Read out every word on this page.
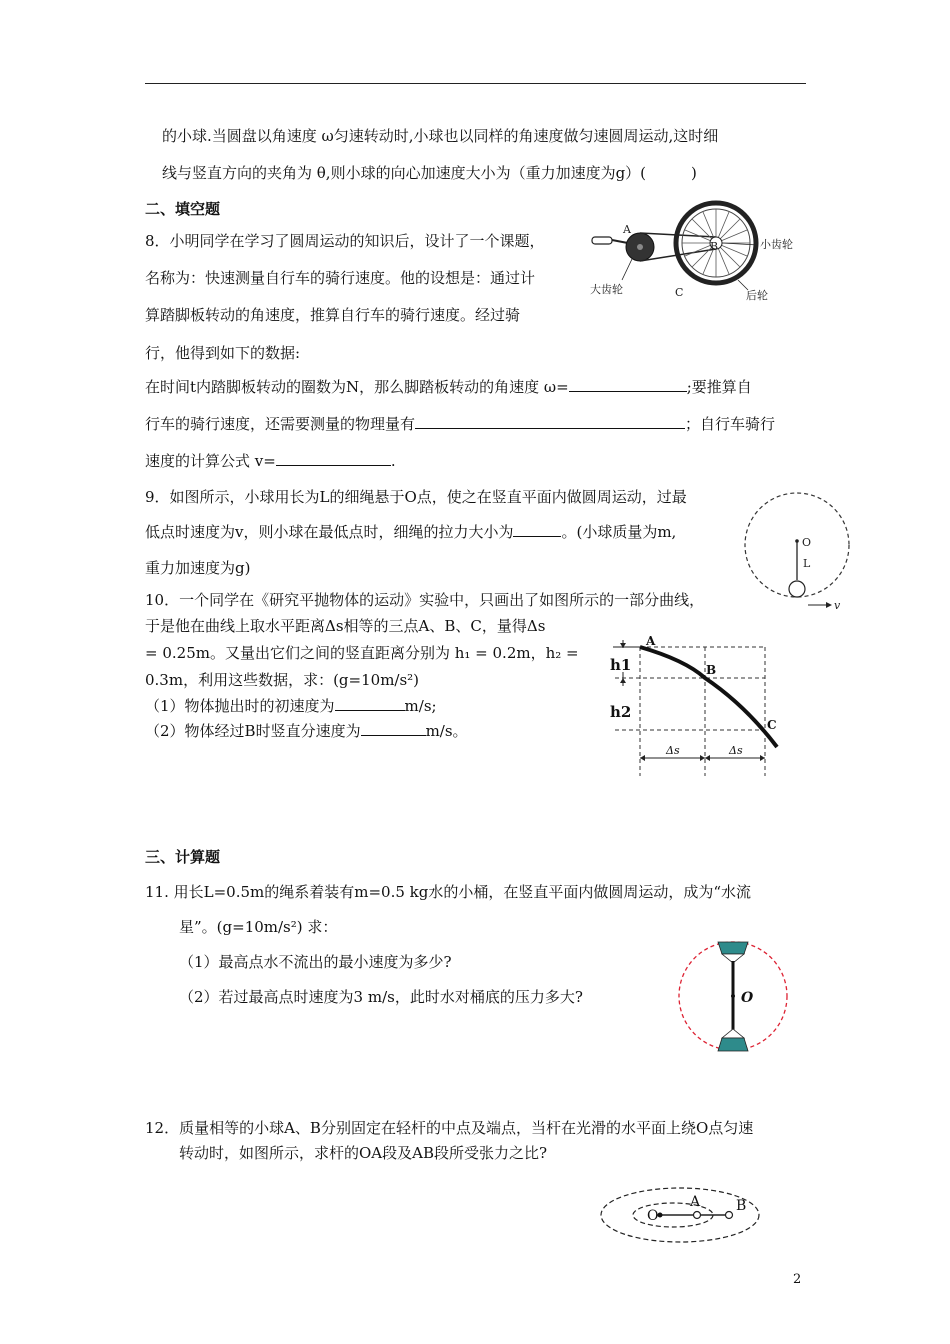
的小球.当圆盘以角速度 ω匀速转动时,小球也以同样的角速度做匀速圆周运动,这时细
线与竖直方向的夹角为 θ,则小球的向心加速度大小为（重力加速度为g）(　　　)
二、填空题
8．小明同学在学习了圆周运动的知识后，设计了一个课题，
名称为：快速测量自行车的骑行速度。他的设想是：通过计
算踏脚板转动的角速度，推算自行车的骑行速度。经过骑
行，他得到如下的数据:
在时间t内踏脚板转动的圈数为N，那么脚踏板转动的角速度 ω=	;要推算自
行车的骑行速度，还需要测量的物理量有	；自行车骑行
速度的计算公式 v=	.
A
B
C
小齿轮
大齿轮	后轮
9．如图所示，小球用长为L的细绳悬于O点，使之在竖直平面内做圆周运动，过最
低点时速度为v，则小球在最低点时，细绳的拉力大小为	。(小球质量为m,
重力加速度为g)
O
L
v
10．一个同学在《研究平抛物体的运动》实验中，只画出了如图所示的一部分曲线，
于是他在曲线上取水平距离Δs相等的三点A、B、C，量得Δs
= 0.25m。又量出它们之间的竖直距离分别为 h₁ = 0.2m，h₂ =
0.3m，利用这些数据，求：(g=10m/s²)
（1）物体抛出时的初速度为	m/s;
（2）物体经过B时竖直分速度为	m/s。
A
B
C
h1
h2
Δs	Δs
三、计算题
11. 用长L=0.5m的绳系着装有m=0.5 kg水的小桶，在竖直平面内做圆周运动，成为“水流
星”。(g=10m/s²) 求：
（1）最高点水不流出的最小速度为多少?
（2）若过最高点时速度为3 m/s，此时水对桶底的压力多大?	O
12．质量相等的小球A、B分别固定在轻杆的中点及端点，当杆在光滑的水平面上绕O点匀速
转动时，如图所示，求杆的OA段及AB段所受张力之比?
O
A	B
2
